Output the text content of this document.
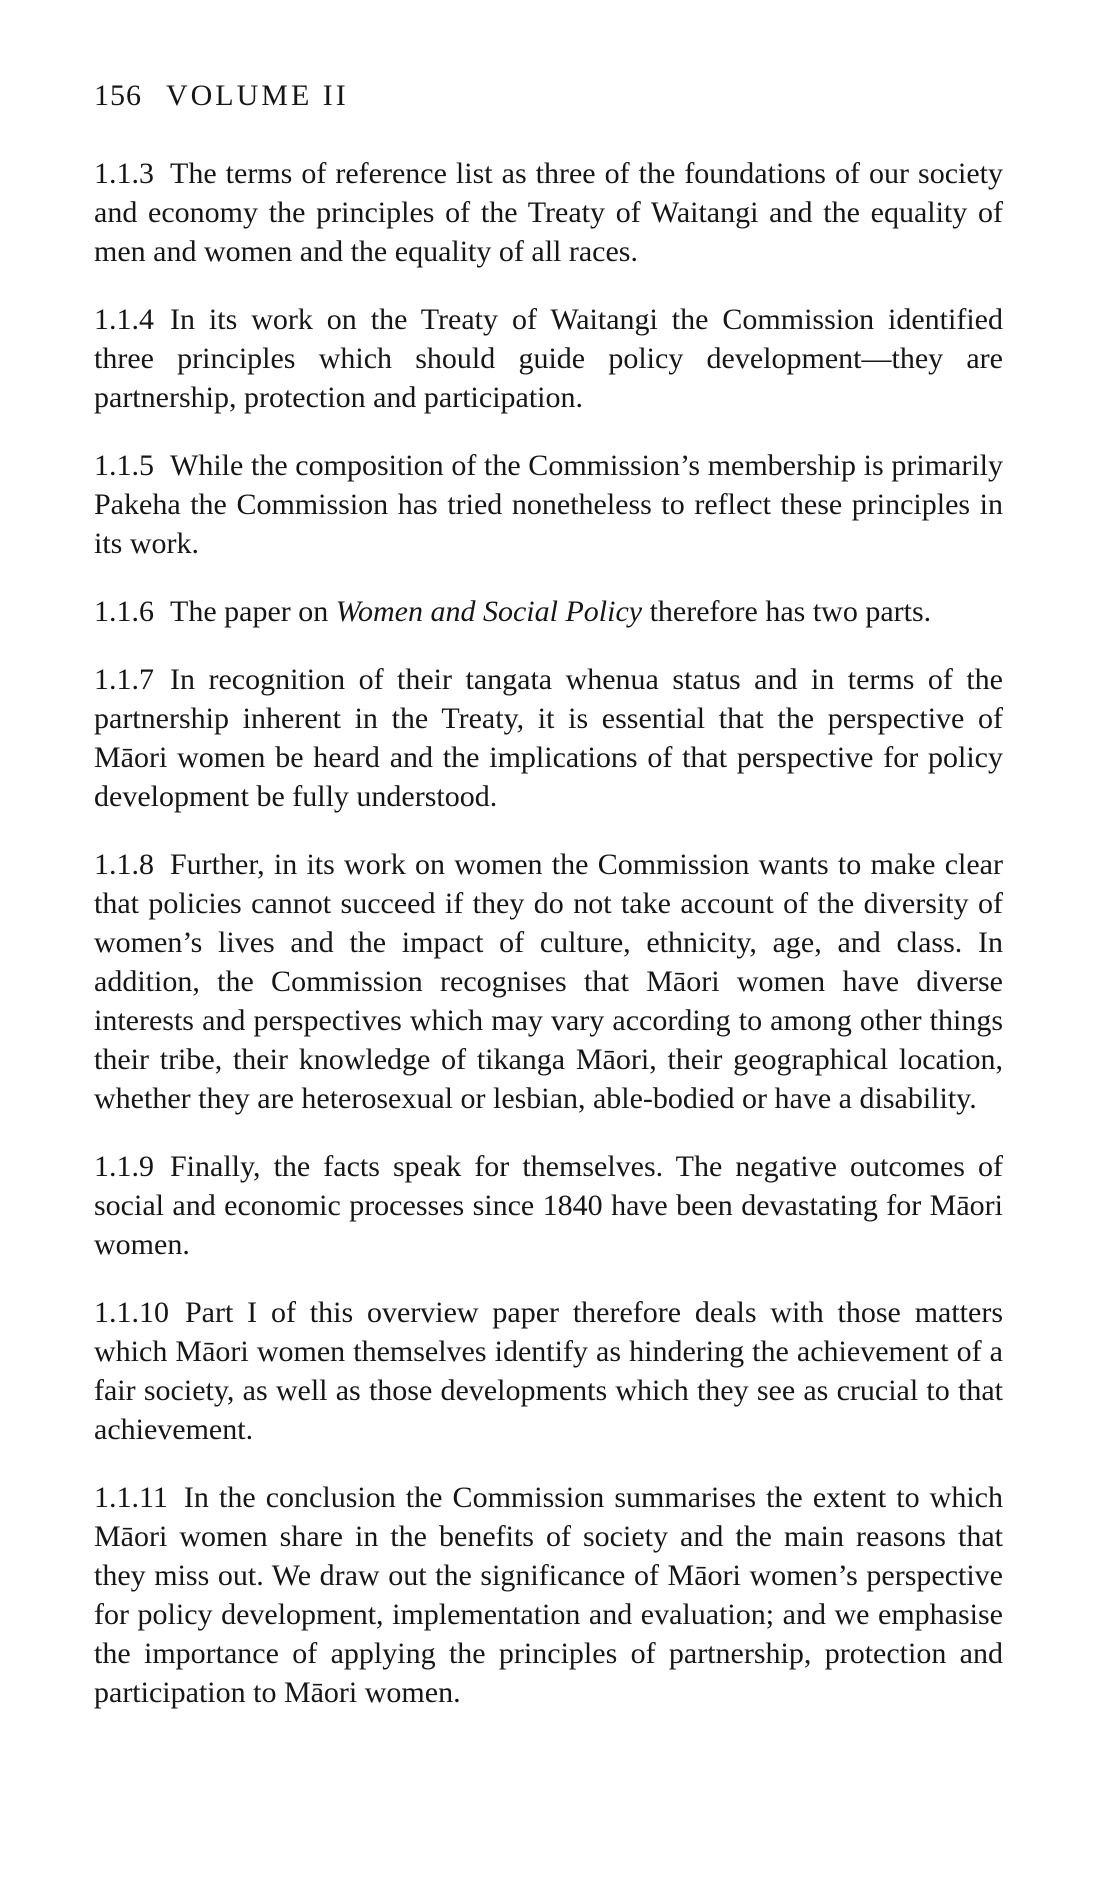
156 VOLUME II

1.1.3 The terms of reference list as three of the foundations of our society and economy the principles of the Treaty of Waitangi and the equality of men and women and the equality of all races.

1.1.4 In its work on the Treaty of Waitangi the Commission identified three principles which should guide policy development—they are partnership, protection and participation.

1.1.5 While the composition of the Commission’s membership is primarily Pakeha the Commission has tried nonetheless to reflect these principles in its work.

1.1.6 The paper on Women and Social Policy therefore has two parts.

1.1.7 In recognition of their tangata whenua status and in terms of the partnership inherent in the Treaty, it is essential that the perspective of Māori women be heard and the implications of that perspective for policy development be fully understood.

1.1.8 Further, in its work on women the Commission wants to make clear that policies cannot succeed if they do not take account of the diversity of women’s lives and the impact of culture, ethnicity, age, and class. In addition, the Commission recognises that Māori women have diverse interests and perspectives which may vary according to among other things their tribe, their knowledge of tikanga Māori, their geographical location, whether they are heterosexual or lesbian, able-bodied or have a disability.

1.1.9 Finally, the facts speak for themselves. The negative outcomes of social and economic processes since 1840 have been devastating for Māori women.

1.1.10 Part I of this overview paper therefore deals with those matters which Māori women themselves identify as hindering the achievement of a fair society, as well as those developments which they see as crucial to that achievement.

1.1.11 In the conclusion the Commission summarises the extent to which Māori women share in the benefits of society and the main reasons that they miss out. We draw out the significance of Māori women’s perspective for policy development, implementation and evaluation; and we emphasise the importance of applying the principles of partnership, protection and participation to Māori women.
